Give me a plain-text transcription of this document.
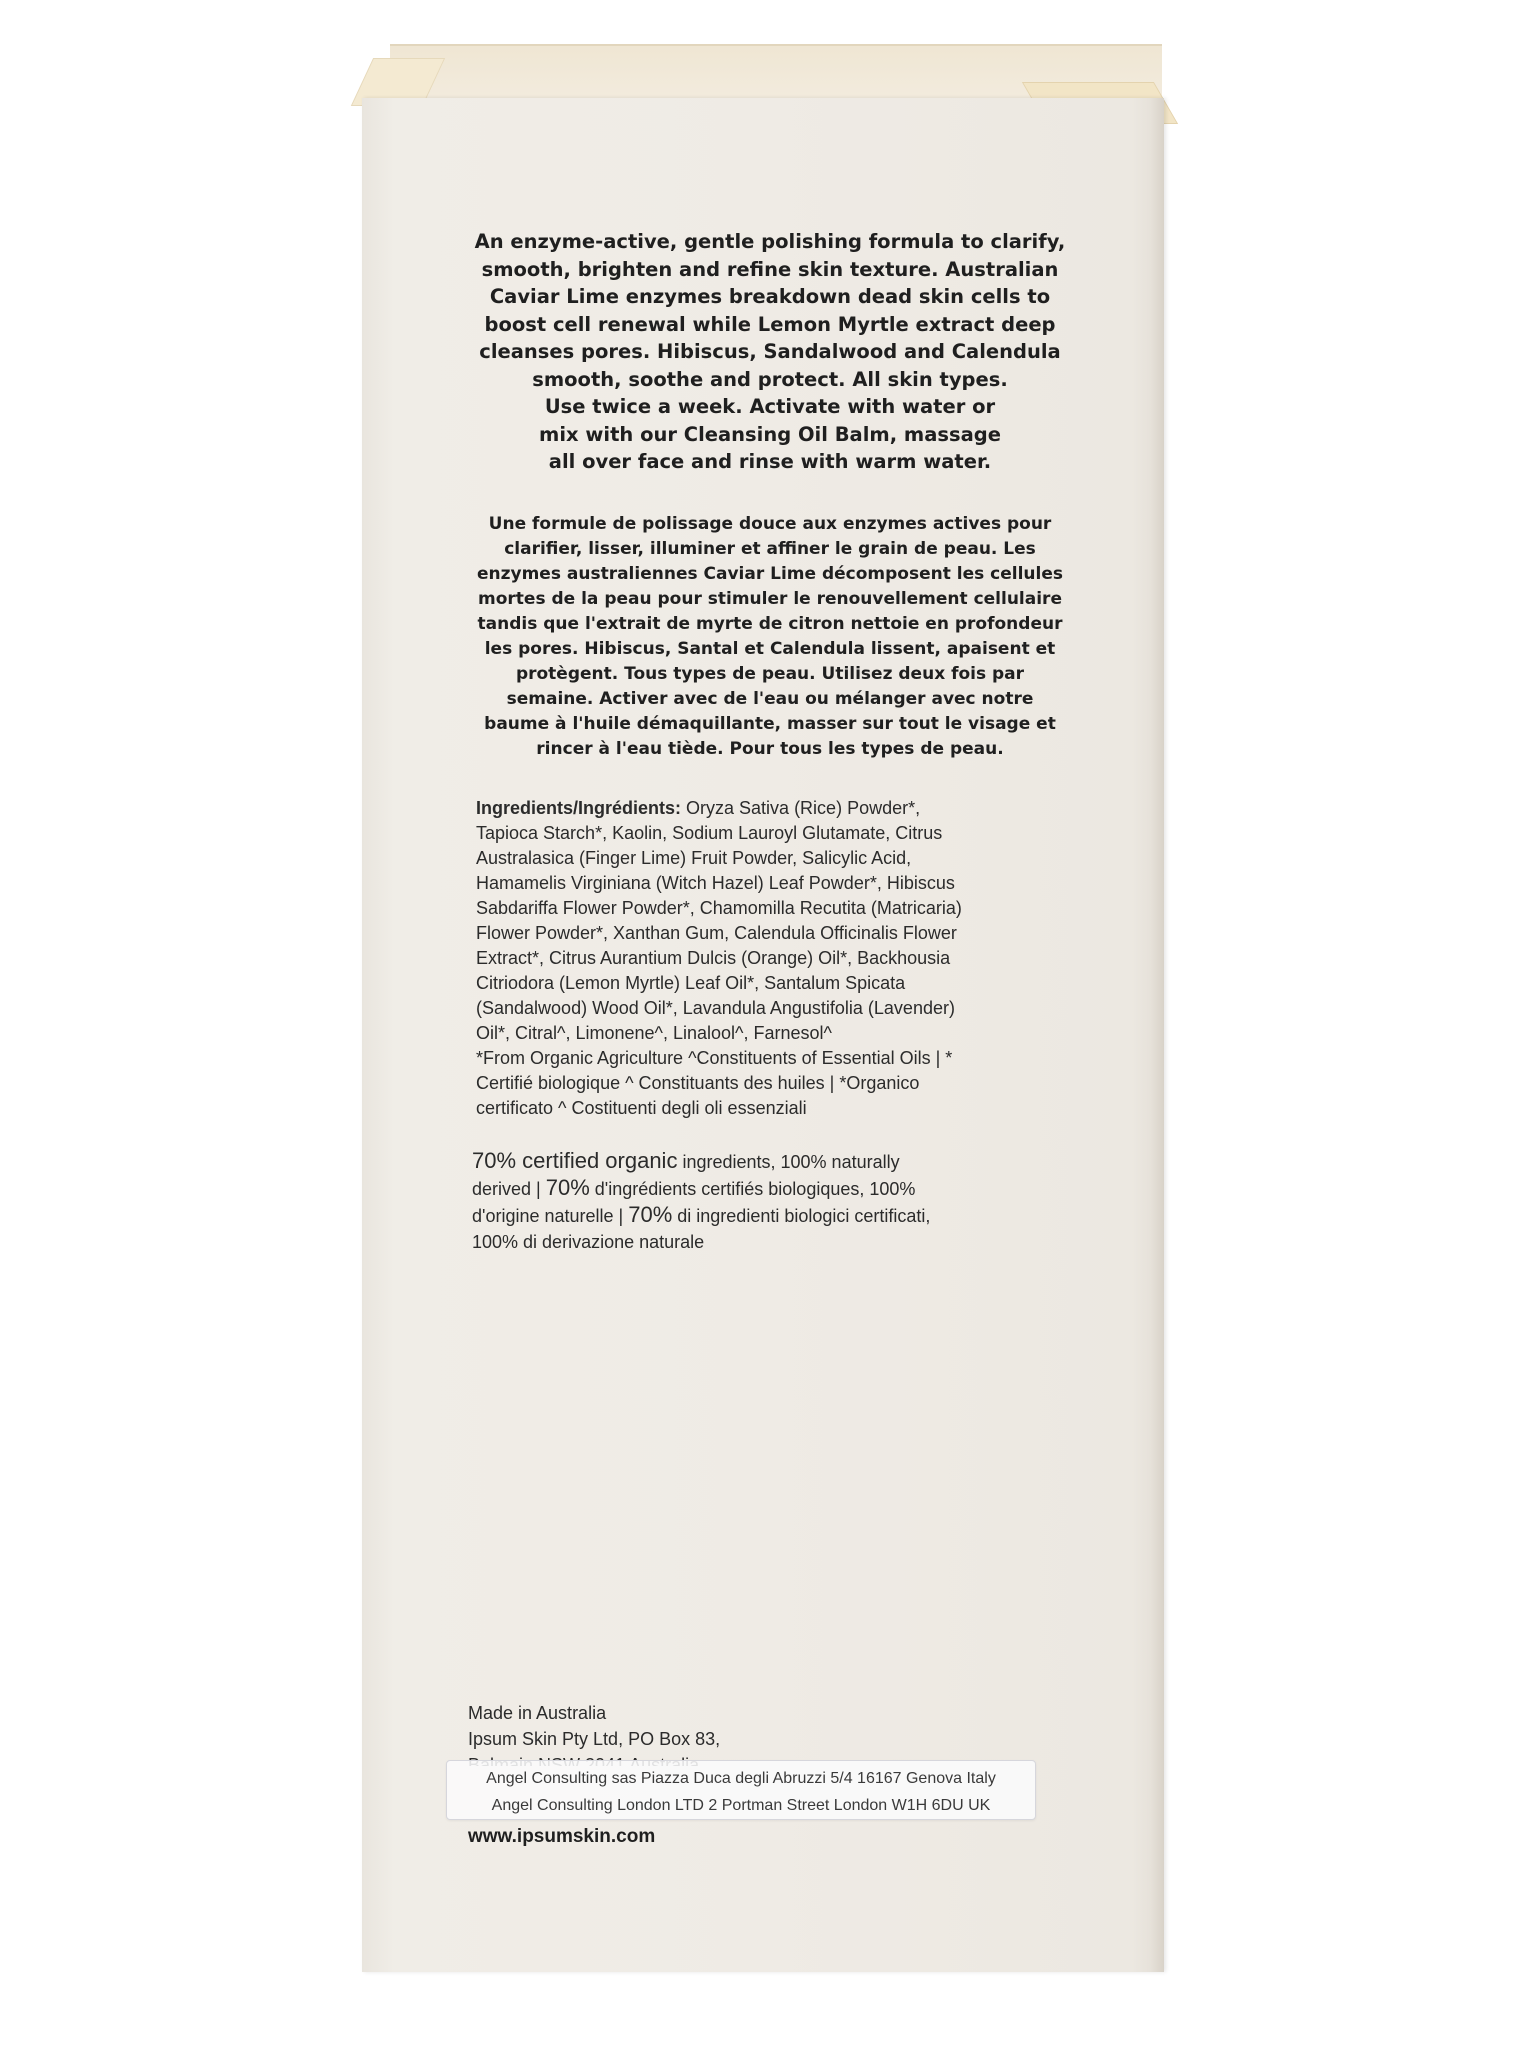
An enzyme-active, gentle polishing formula to clarify,
smooth, brighten and refine skin texture. Australian
Caviar Lime enzymes breakdown dead skin cells to
boost cell renewal while Lemon Myrtle extract deep
cleanses pores. Hibiscus, Sandalwood and Calendula
smooth, soothe and protect. All skin types.
Use twice a week. Activate with water or
mix with our Cleansing Oil Balm, massage
all over face and rinse with warm water.
Une formule de polissage douce aux enzymes actives pour
clarifier, lisser, illuminer et affiner le grain de peau. Les
enzymes australiennes Caviar Lime décomposent les cellules
mortes de la peau pour stimuler le renouvellement cellulaire
tandis que l'extrait de myrte de citron nettoie en profondeur
les pores. Hibiscus, Santal et Calendula lissent, apaisent et
protègent. Tous types de peau. Utilisez deux fois par
semaine. Activer avec de l'eau ou mélanger avec notre
baume à l'huile démaquillante, masser sur tout le visage et
rincer à l'eau tiède. Pour tous les types de peau.
Ingredients/Ingrédients: Oryza Sativa (Rice) Powder*,
Tapioca Starch*, Kaolin, Sodium Lauroyl Glutamate, Citrus
Australasica (Finger Lime) Fruit Powder, Salicylic Acid,
Hamamelis Virginiana (Witch Hazel) Leaf Powder*, Hibiscus
Sabdariffa Flower Powder*, Chamomilla Recutita (Matricaria)
Flower Powder*, Xanthan Gum, Calendula Officinalis Flower
Extract*, Citrus Aurantium Dulcis (Orange) Oil*, Backhousia
Citriodora (Lemon Myrtle) Leaf Oil*, Santalum Spicata
(Sandalwood) Wood Oil*, Lavandula Angustifolia (Lavender)
Oil*, Citral^, Limonene^, Linalool^, Farnesol^
*From Organic Agriculture ^Constituents of Essential Oils | *
Certifié biologique ^ Constituants des huiles | *Organico
certificato ^ Costituenti degli oli essenziali
70% certified organic ingredients, 100% naturally
derived | 70% d'ingrédients certifiés biologiques, 100%
d'origine naturelle | 70% di ingredienti biologici certificati,
100% di derivazione naturale
Made in Australia
Ipsum Skin Pty Ltd, PO Box 83,
Angel Consulting sas Piazza Duca degli Abruzzi 5/4 16167 Genova Italy
Angel Consulting London LTD 2 Portman Street London W1H 6DU UK
www.ipsumskin.com
